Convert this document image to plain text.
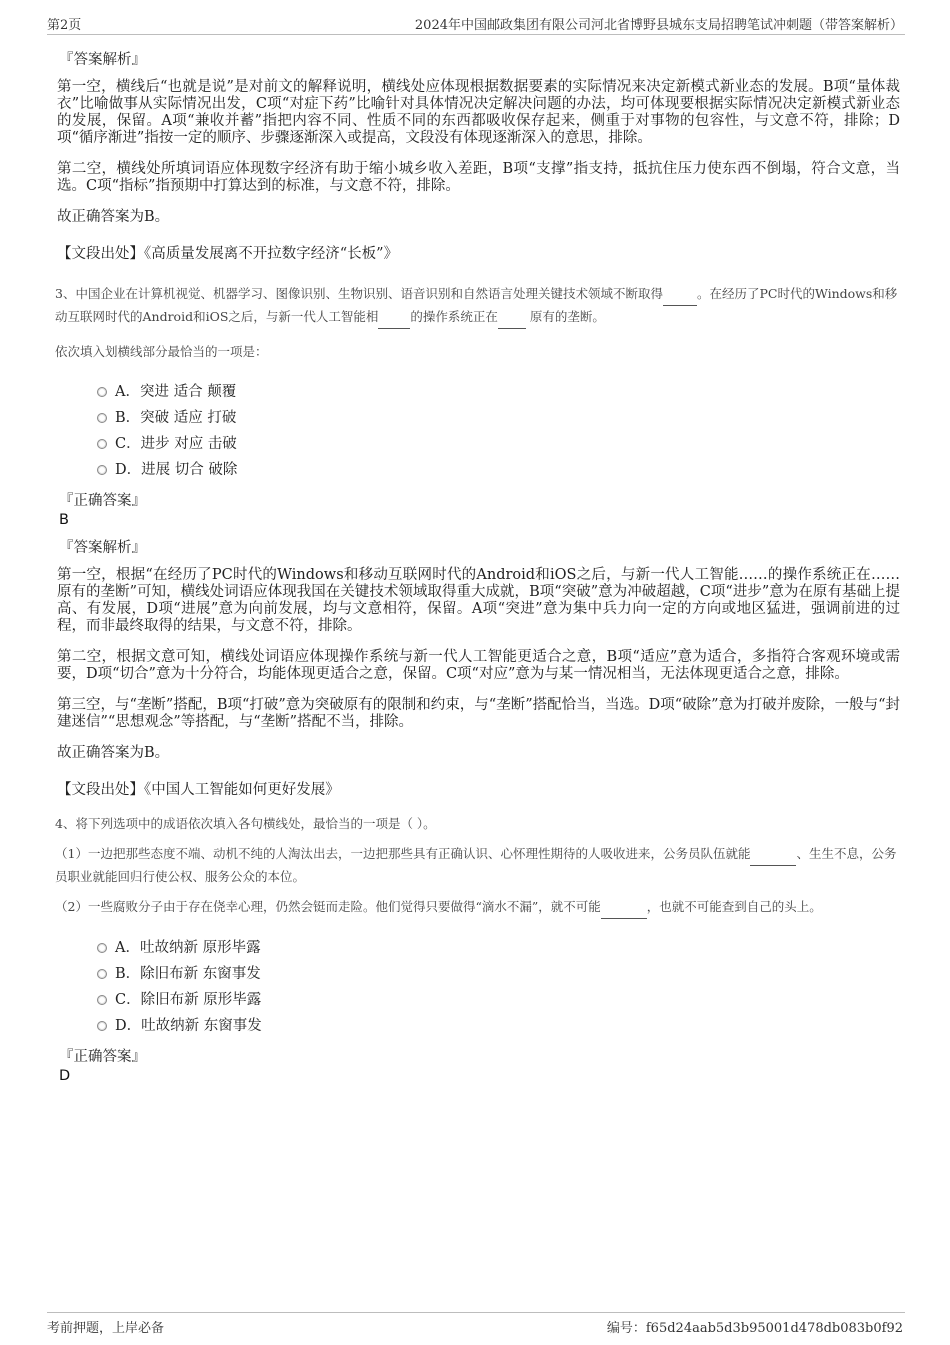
第2页	2024年中国邮政集团有限公司河北省博野县城东支局招聘笔试冲刺题（带答案解析）
『答案解析』
第一空，横线后“也就是说”是对前文的解释说明，横线处应体现根据数据要素的实际情况来决定新模式新业态的发展。B项“量体裁衣”比喻做事从实际情况出发，C项“对症下药”比喻针对具体情况决定解决问题的办法，均可体现要根据实际情况决定新模式新业态的发展，保留。A项“兼收并蓄”指把内容不同、性质不同的东西都吸收保存起来，侧重于对事物的包容性，与文意不符，排除；D项“循序渐进”指按一定的顺序、步骤逐渐深入或提高，文段没有体现逐渐深入的意思，排除。
第二空，横线处所填词语应体现数字经济有助于缩小城乡收入差距，B项“支撑”指支持，抵抗住压力使东西不倒塌，符合文意，当选。C项“指标”指预期中打算达到的标准，与文意不符，排除。
故正确答案为B。
【文段出处】《高质量发展离不开拉数字经济“长板”》
3、中国企业在计算机视觉、机器学习、图像识别、生物识别、语音识别和自然语言处理关键技术领域不断取得	。在经历了PC时代的Windows和移动互联网时代的Android和iOS之后，与新一代人工智能相	的操作系统正在  原有的垄断。
依次填入划横线部分最恰当的一项是：
A．突进 适合 颠覆
B．突破 适应 打破
C．进步 对应 击破
D．进展 切合 破除
『正确答案』
B
『答案解析』
第一空，根据“在经历了PC时代的Windows和移动互联网时代的Android和iOS之后，与新一代人工智能……的操作系统正在……原有的垄断”可知，横线处词语应体现我国在关键技术领域取得重大成就，B项“突破”意为冲破超越，C项“进步”意为在原有基础上提高、有发展，D项“进展”意为向前发展，均与文意相符，保留。A项“突进”意为集中兵力向一定的方向或地区猛进，强调前进的过程，而非最终取得的结果，与文意不符，排除。
第二空，根据文意可知，横线处词语应体现操作系统与新一代人工智能更适合之意，B项“适应”意为适合，多指符合客观环境或需要，D项“切合”意为十分符合，均能体现更适合之意，保留。C项“对应”意为与某一情况相当，无法体现更适合之意，排除。
第三空，与“垄断”搭配，B项“打破”意为突破原有的限制和约束，与“垄断”搭配恰当，当选。D项“破除”意为打破并废除，一般与“封建迷信”“思想观念”等搭配，与“垄断”搭配不当，排除。
故正确答案为B。
【文段出处】《中国人工智能如何更好发展》
4、将下列选项中的成语依次填入各句横线处，最恰当的一项是（ ）。
（1）一边把那些态度不端、动机不纯的人淘汰出去，一边把那些具有正确认识、心怀理性期待的人吸收进来，公务员队伍就能	、生生不息，公务员职业就能回归行使公权、服务公众的本位。
（2）一些腐败分子由于存在侥幸心理，仍然会铤而走险。他们觉得只要做得“滴水不漏”，就不可能	，也就不可能查到自己的头上。
A．吐故纳新 原形毕露
B．除旧布新 东窗事发
C．除旧布新 原形毕露
D．吐故纳新 东窗事发
『正确答案』
D
考前押题，上岸必备	编号：f65d24aab5d3b95001d478db083b0f92
